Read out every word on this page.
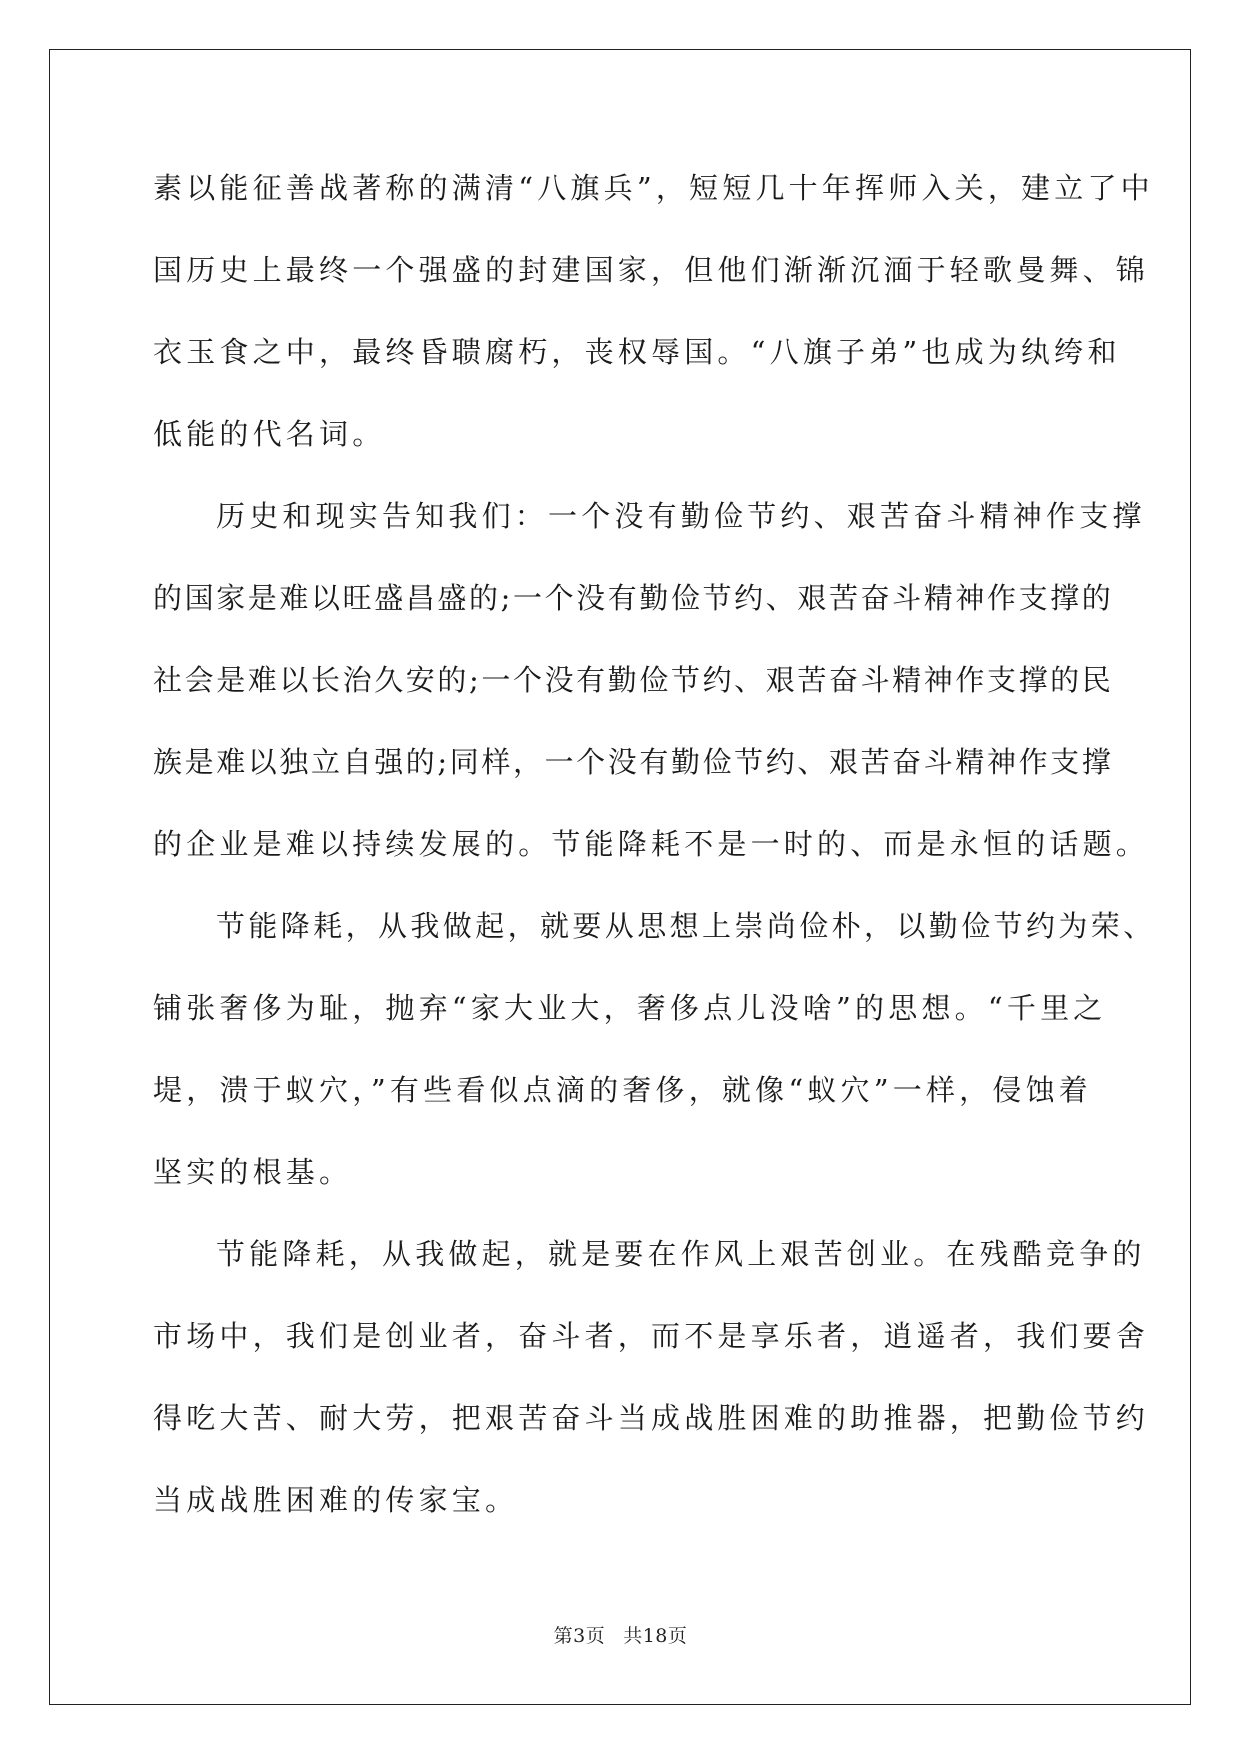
素以能征善战著称的满清“八旗兵”，短短几十年挥师入关，建立了中
国历史上最终一个强盛的封建国家，但他们渐渐沉湎于轻歌曼舞、锦
衣玉食之中，最终昏聩腐朽，丧权辱国。“八旗子弟”也成为纨绔和
低能的代名词。
历史和现实告知我们：一个没有勤俭节约、艰苦奋斗精神作支撑
的国家是难以旺盛昌盛的;一个没有勤俭节约、艰苦奋斗精神作支撑的
社会是难以长治久安的;一个没有勤俭节约、艰苦奋斗精神作支撑的民
族是难以独立自强的;同样，一个没有勤俭节约、艰苦奋斗精神作支撑
的企业是难以持续发展的。节能降耗不是一时的、而是永恒的话题。
节能降耗，从我做起，就要从思想上崇尚俭朴，以勤俭节约为荣、
铺张奢侈为耻，抛弃“家大业大，奢侈点儿没啥”的思想。“千里之
堤，溃于蚁穴，”有些看似点滴的奢侈，就像“蚁穴”一样，侵蚀着
坚实的根基。
节能降耗，从我做起，就是要在作风上艰苦创业。在残酷竞争的
市场中，我们是创业者，奋斗者，而不是享乐者，逍遥者，我们要舍
得吃大苦、耐大劳，把艰苦奋斗当成战胜困难的助推器，把勤俭节约
当成战胜困难的传家宝。
第3页 共18页
